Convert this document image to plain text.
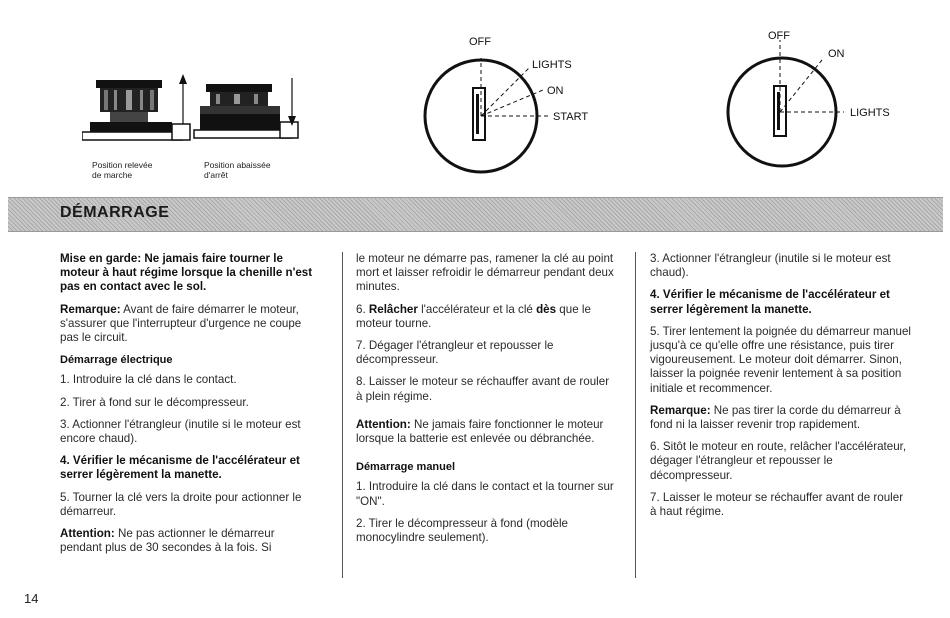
Position relevée
de marche
Position abaissée
d'arrêt
OFF
LIGHTS
ON
START
OFF
ON
LIGHTS
DÉMARRAGE

Mise en garde: Ne jamais faire tourner le moteur à haut régime lorsque la chenille n'est pas en contact avec le sol.

Remarque: Avant de faire démarrer le moteur, s'assurer que l'interrupteur d'urgence ne coupe pas le circuit.

Démarrage électrique

1. Introduire la clé dans le contact.

2. Tirer à fond sur le décompresseur.

3. Actionner l'étrangleur (inutile si le moteur est encore chaud).

4. Vérifier le mécanisme de l'accélérateur et serrer légèrement la manette.

5. Tourner la clé vers la droite pour actionner le démarreur.

Attention: Ne pas actionner le démarreur pendant plus de 30 secondes à la fois. Si

le moteur ne démarre pas, ramener la clé au point mort et laisser refroidir le démarreur pendant deux minutes.

6. Relâcher l'accélérateur et la clé dès que le moteur tourne.

7. Dégager l'étrangleur et repousser le décompresseur.

8. Laisser le moteur se réchauffer avant de rouler à plein régime.

Attention: Ne jamais faire fonctionner le moteur lorsque la batterie est enlevée ou débranchée.

Démarrage manuel

1. Introduire la clé dans le contact et la tourner sur "ON".

2. Tirer le décompresseur à fond (modèle monocylindre seulement).

3. Actionner l'étrangleur (inutile si le moteur est chaud).

4. Vérifier le mécanisme de l'accélérateur et serrer légèrement la manette.

5. Tirer lentement la poignée du démarreur manuel jusqu'à ce qu'elle offre une résistance, puis tirer vigoureusement. Le moteur doit démarrer. Sinon, laisser la poignée revenir lentement à sa position initiale et recommencer.

Remarque: Ne pas tirer la corde du démarreur à fond ni la laisser revenir trop rapidement.

6. Sitôt le moteur en route, relâcher l'accélérateur, dégager l'étrangleur et repousser le décompresseur.

7. Laisser le moteur se réchauffer avant de rouler à haut régime.

14
